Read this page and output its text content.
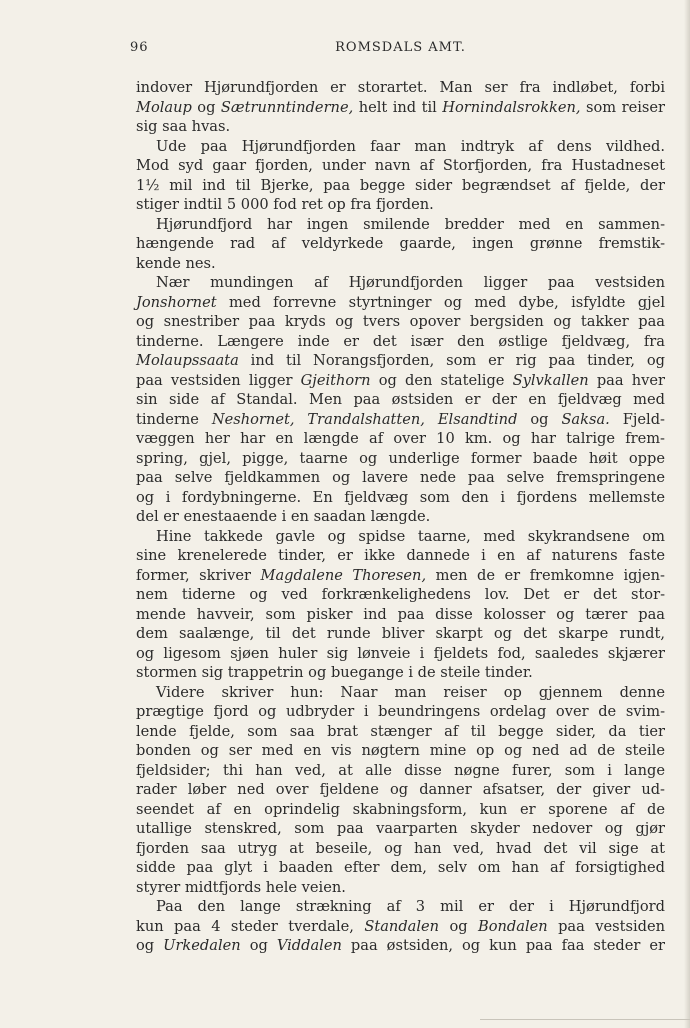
96	ROMSDALS AMT.

indover Hjørundfjorden er storartet. Man ser fra indløbet, forbi
Molaup og Sætrunntinderne, helt ind til Hornindalsrokken, som reiser
sig saa hvas.

Ude paa Hjørundfjorden faar man indtryk af dens vildhed.
Mod syd gaar fjorden, under navn af Storfjorden, fra Hustadneset
1½ mil ind til Bjerke, paa begge sider begrændset af fjelde, der
stiger indtil 5 000 fod ret op fra fjorden.

Hjørundfjord har ingen smilende bredder med en sammen-
hængende rad af veldyrkede gaarde, ingen grønne fremstik-
kende nes.

Nær mundingen af Hjørundfjorden ligger paa vestsiden
Jonshornet med forrevne styrtninger og med dybe, isfyldte gjel
og snestriber paa kryds og tvers opover bergsiden og takker paa
tinderne. Længere inde er det især den østlige fjeldvæg, fra
Molaupssaata ind til Norangsfjorden, som er rig paa tinder, og
paa vestsiden ligger Gjeithorn og den statelige Sylvkallen paa hver
sin side af Standal. Men paa østsiden er der en fjeldvæg med
tinderne Neshornet, Trandalshatten, Elsandtind og Saksa. Fjeld-
væggen her har en længde af over 10 km. og har talrige frem-
spring, gjel, pigge, taarne og underlige former baade høit oppe
paa selve fjeldkammen og lavere nede paa selve fremspringene
og i fordybningerne. En fjeldvæg som den i fjordens mellemste
del er enestaaende i en saadan længde.

Hine takkede gavle og spidse taarne, med skykrandsene om
sine krenelerede tinder, er ikke dannede i en af naturens faste
former, skriver Magdalene Thoresen, men de er fremkomne igjen-
nem tiderne og ved forkrænkelighedens lov. Det er det stor-
mende havveir, som pisker ind paa disse kolosser og tærer paa
dem saalænge, til det runde bliver skarpt og det skarpe rundt,
og ligesom sjøen huler sig lønveie i fjeldets fod, saaledes skjærer
stormen sig trappetrin og buegange i de steile tinder.

Videre skriver hun: Naar man reiser op gjennem denne
prægtige fjord og udbryder i beundringens ordelag over de svim-
lende fjelde, som saa brat stænger af til begge sider, da tier
bonden og ser med en vis nøgtern mine op og ned ad de steile
fjeldsider; thi han ved, at alle disse nøgne furer, som i lange
rader løber ned over fjeldene og danner afsatser, der giver ud-
seendet af en oprindelig skabningsform, kun er sporene af de
utallige stenskred, som paa vaarparten skyder nedover og gjør
fjorden saa utryg at beseile, og han ved, hvad det vil sige at
sidde paa glyt i baaden efter dem, selv om han af forsigtighed
styrer midtfjords hele veien.

Paa den lange strækning af 3 mil er der i Hjørundfjord
kun paa 4 steder tverdale, Standalen og Bondalen paa vestsiden
og Urkedalen og Viddalen paa østsiden, og kun paa faa steder er
